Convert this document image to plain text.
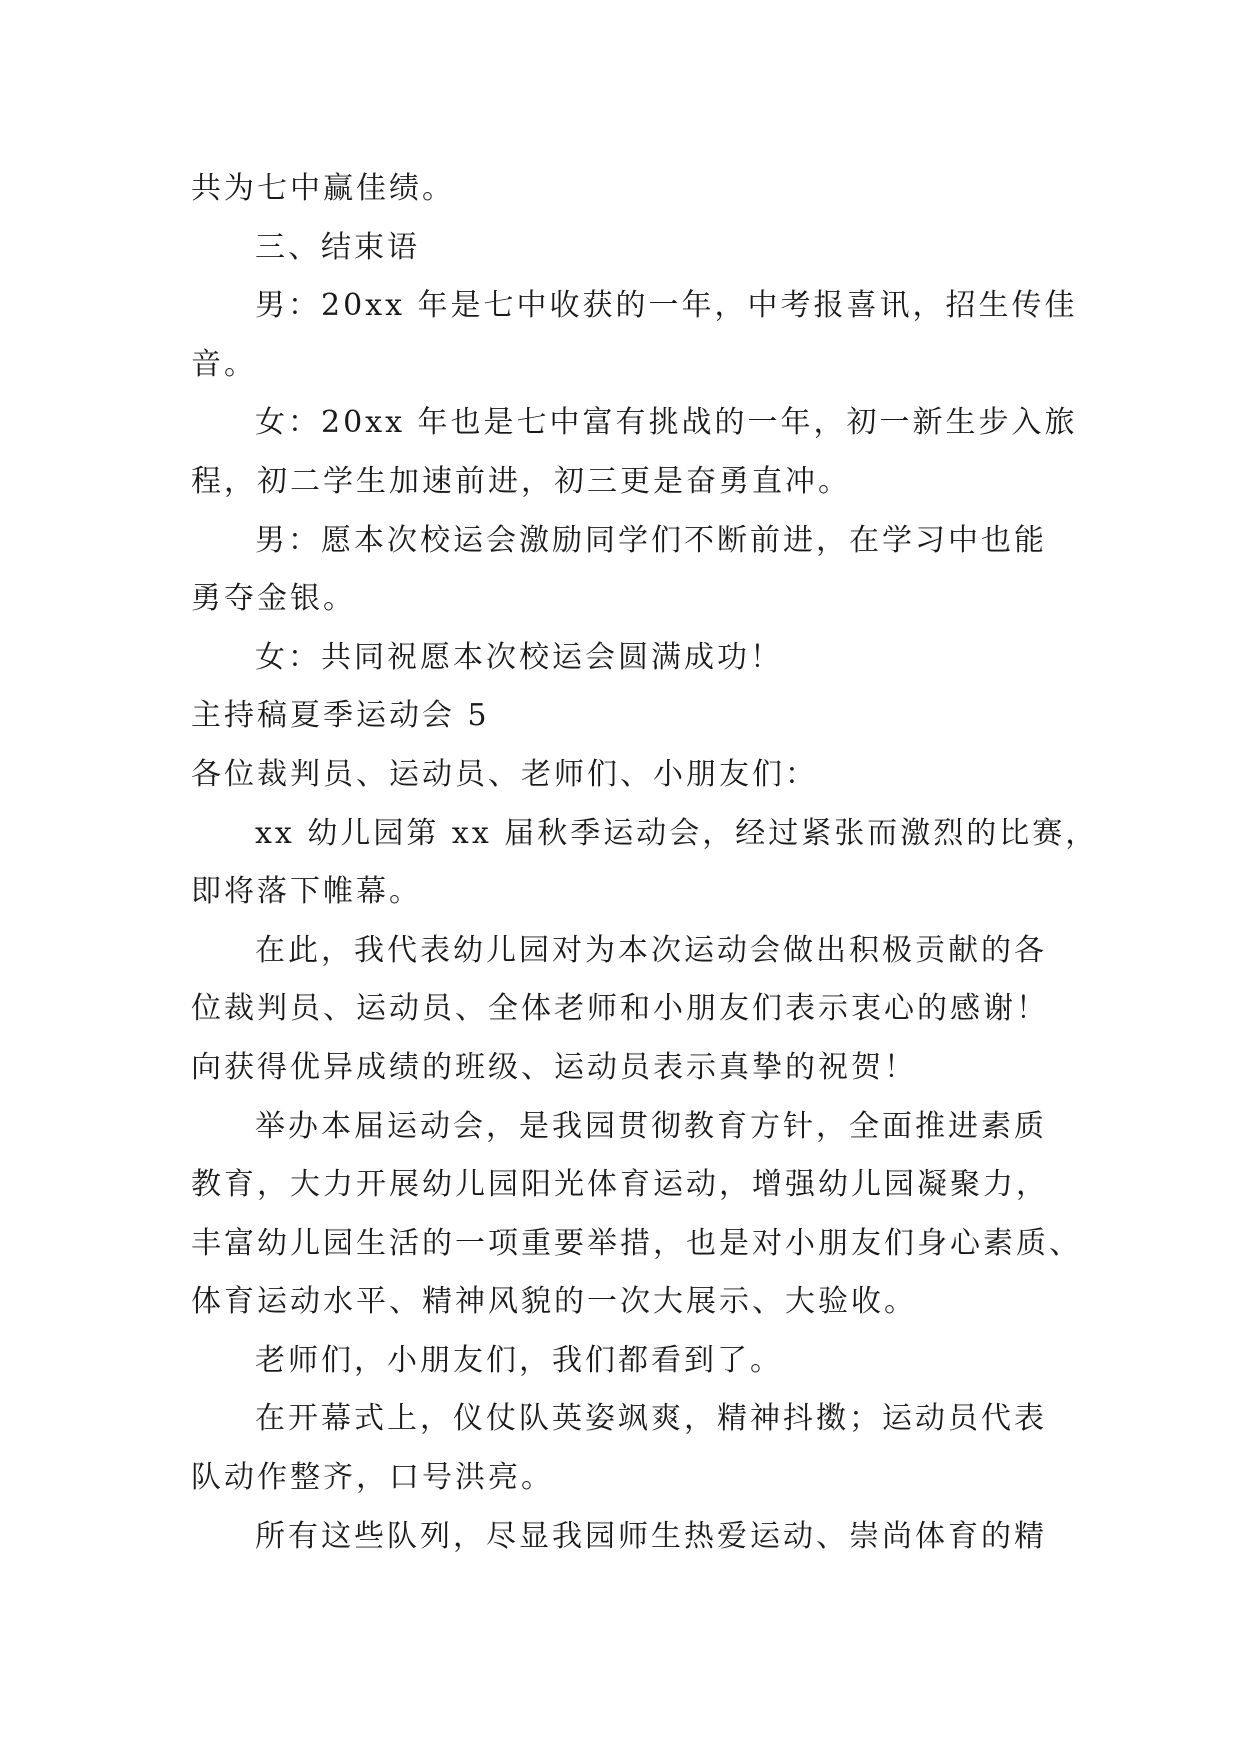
共为七中赢佳绩。
三、结束语
男：20xx 年是七中收获的一年，中考报喜讯，招生传佳
音。
女：20xx 年也是七中富有挑战的一年，初一新生步入旅
程，初二学生加速前进，初三更是奋勇直冲。
男：愿本次校运会激励同学们不断前进，在学习中也能
勇夺金银。
女：共同祝愿本次校运会圆满成功！
主持稿夏季运动会 5
各位裁判员、运动员、老师们、小朋友们：
xx 幼儿园第 xx 届秋季运动会，经过紧张而激烈的比赛，
即将落下帷幕。
在此，我代表幼儿园对为本次运动会做出积极贡献的各
位裁判员、运动员、全体老师和小朋友们表示衷心的感谢！
向获得优异成绩的班级、运动员表示真挚的祝贺！
举办本届运动会，是我园贯彻教育方针，全面推进素质
教育，大力开展幼儿园阳光体育运动，增强幼儿园凝聚力，
丰富幼儿园生活的一项重要举措，也是对小朋友们身心素质、
体育运动水平、精神风貌的一次大展示、大验收。
老师们，小朋友们，我们都看到了。
在开幕式上，仪仗队英姿飒爽，精神抖擞；运动员代表
队动作整齐，口号洪亮。
所有这些队列，尽显我园师生热爱运动、崇尚体育的精
